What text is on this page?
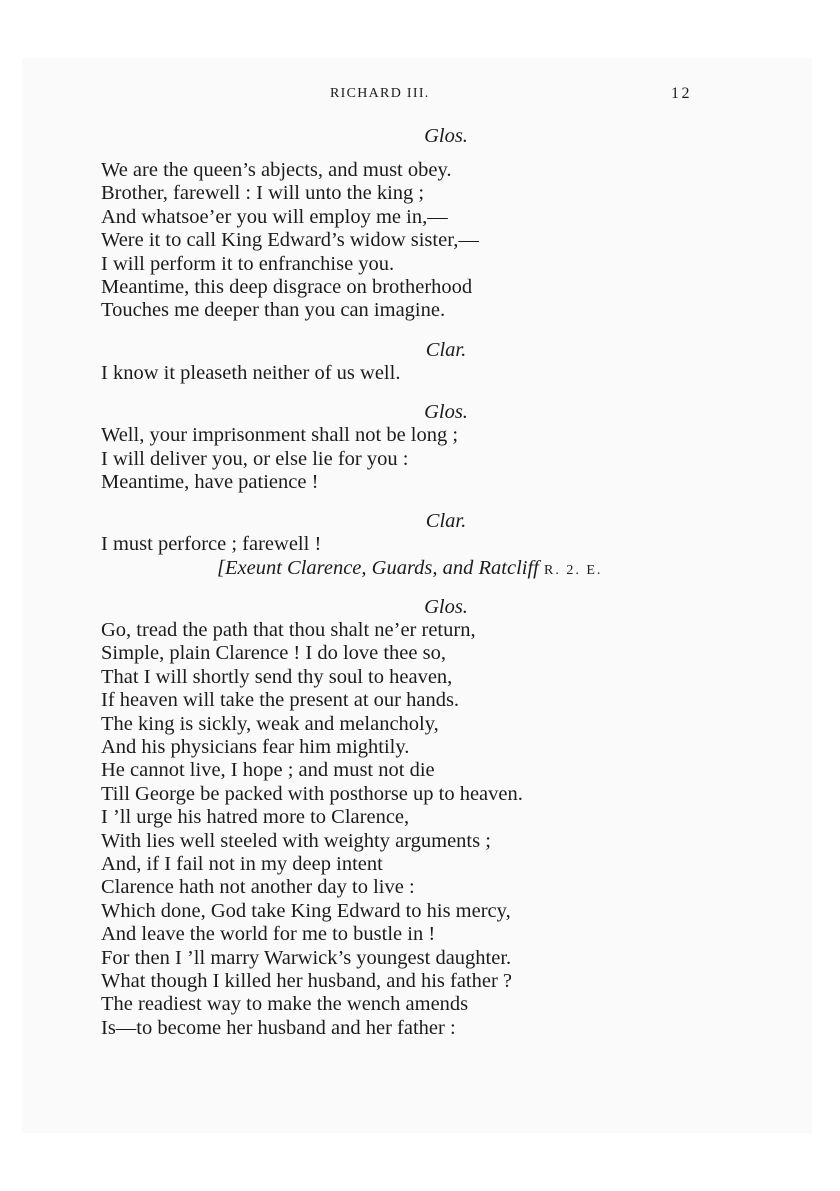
RICHARD III.	12
Glos.
We are the queen’s abjects, and must obey.
Brother, farewell : I will unto the king ;
And whatsoe’er you will employ me in,—
Were it to call King Edward’s widow sister,—
I will perform it to enfranchise you.
Meantime, this deep disgrace on brotherhood
Touches me deeper than you can imagine.
Clar.
I know it pleaseth neither of us well.
Glos.
Well, your imprisonment shall not be long ;
I will deliver you, or else lie for you :
Meantime, have patience !
Clar.
I must perforce ; farewell !
[Exeunt Clarence, Guards, and Ratcliff R. 2. E.
Glos.
Go, tread the path that thou shalt ne’er return,
Simple, plain Clarence ! I do love thee so,
That I will shortly send thy soul to heaven,
If heaven will take the present at our hands.
The king is sickly, weak and melancholy,
And his physicians fear him mightily.
He cannot live, I hope ; and must not die
Till George be packed with posthorse up to heaven.
I ’ll urge his hatred more to Clarence,
With lies well steeled with weighty arguments ;
And, if I fail not in my deep intent
Clarence hath not another day to live :
Which done, God take King Edward to his mercy,
And leave the world for me to bustle in !
For then I ’ll marry Warwick’s youngest daughter.
What though I killed her husband, and his father ?
The readiest way to make the wench amends
Is—to become her husband and her father :
